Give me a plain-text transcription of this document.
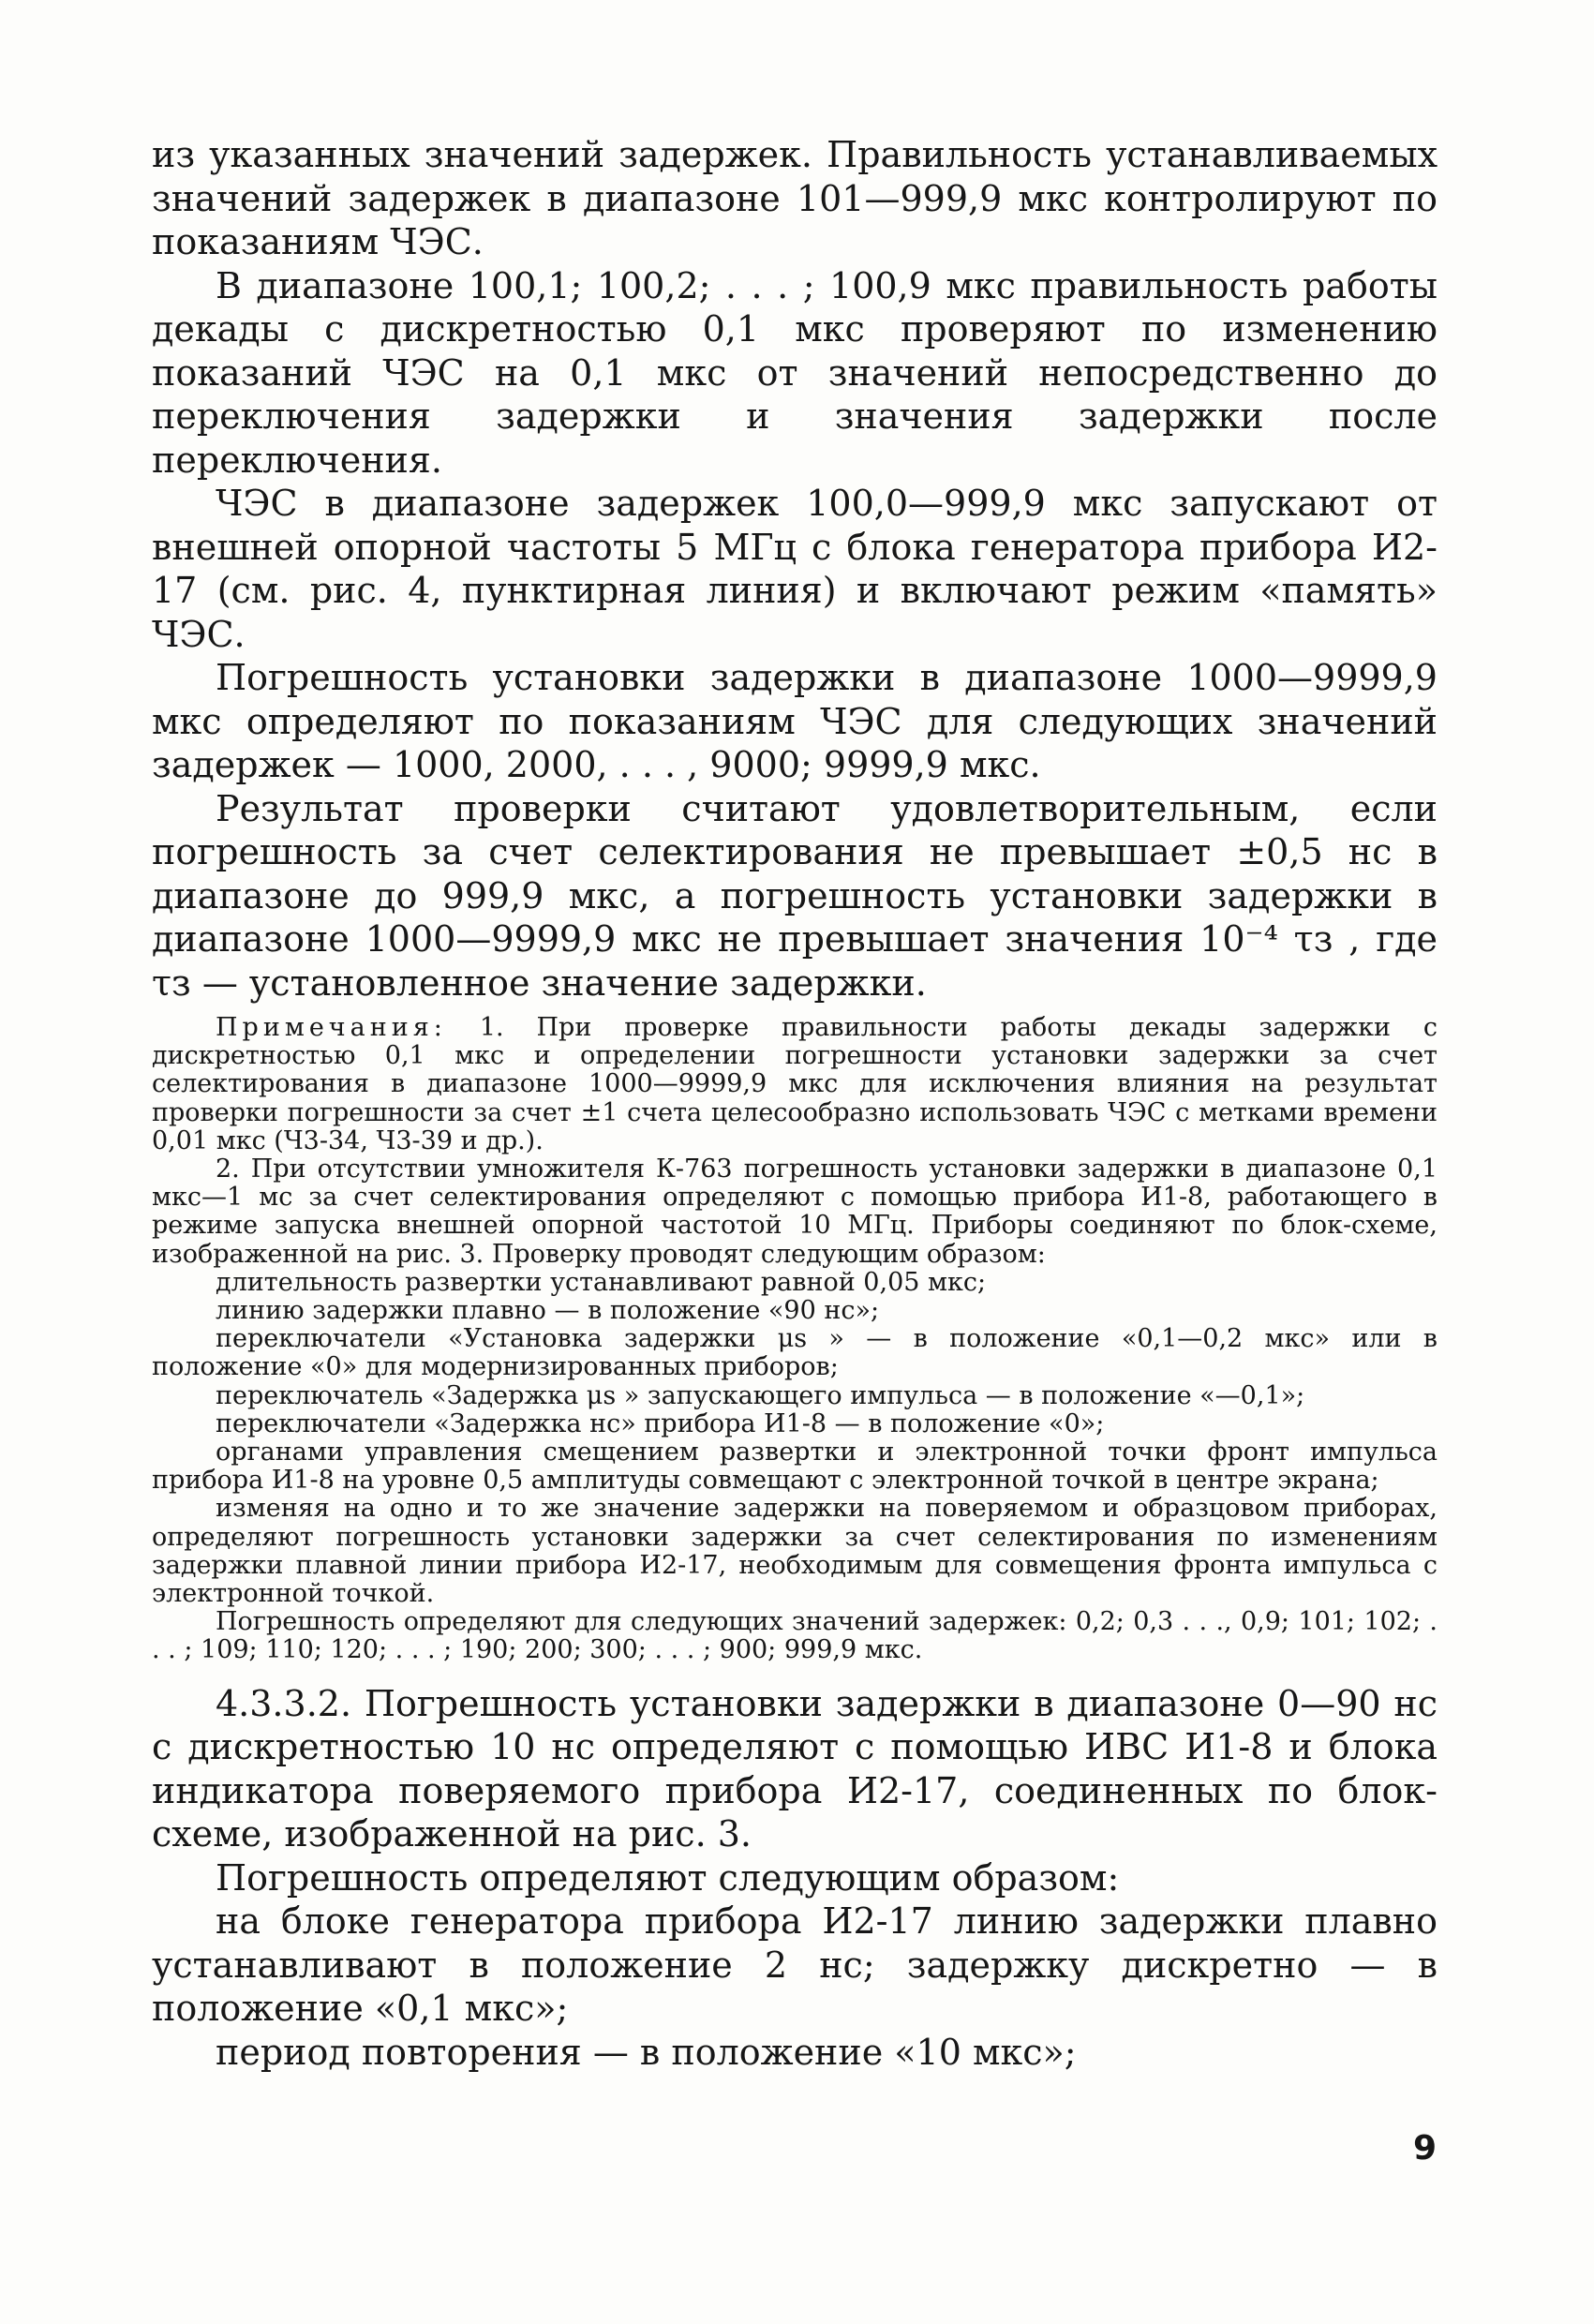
из указанных значений задержек. Правильность устанавливаемых значений задержек в диапазоне 101—999,9 мкс контролируют по показаниям ЧЭС.

В диапазоне 100,1; 100,2; . . . ; 100,9 мкс правильность работы декады с дискретностью 0,1 мкс проверяют по изменению показаний ЧЭС на 0,1 мкс от значений непосредственно до переключения задержки и значения задержки после переключения.

ЧЭС в диапазоне задержек 100,0—999,9 мкс запускают от внешней опорной частоты 5 МГц с блока генератора прибора И2-17 (см. рис. 4, пунктирная линия) и включают режим «память» ЧЭС.

Погрешность установки задержки в диапазоне 1000—9999,9 мкс определяют по показаниям ЧЭС для следующих значений задержек — 1000, 2000, . . . , 9000; 9999,9 мкс.

Результат проверки считают удовлетворительным, если погрешность за счет селектирования не превышает ±0,5 нс в диапазоне до 999,9 мкс, а погрешность установки задержки в диапазоне 1000—9999,9 мкс не превышает значения 10⁻⁴ τз , где τз — установленное значение задержки.

Примечания: 1. При проверке правильности работы декады задержки с дискретностью 0,1 мкс и определении погрешности установки задержки за счет селектирования в диапазоне 1000—9999,9 мкс для исключения влияния на результат проверки погрешности за счет ±1 счета целесообразно использовать ЧЭС с метками времени 0,01 мкс (Ч3-34, Ч3-39 и др.).

2. При отсутствии умножителя К-763 погрешность установки задержки в диапазоне 0,1 мкс—1 мс за счет селектирования определяют с помощью прибора И1-8, работающего в режиме запуска внешней опорной частотой 10 МГц. Приборы соединяют по блок-схеме, изображенной на рис. 3. Проверку проводят следующим образом:

длительность развертки устанавливают равной 0,05 мкс;

линию задержки плавно — в положение «90 нс»;

переключатели «Установка задержки μs » — в положение «0,1—0,2 мкс» или в положение «0» для модернизированных приборов;

переключатель «Задержка μs » запускающего импульса — в положение «—0,1»;

переключатели «Задержка нс» прибора И1-8 — в положение «0»;

органами управления смещением развертки и электронной точки фронт импульса прибора И1-8 на уровне 0,5 амплитуды совмещают с электронной точкой в центре экрана;

изменяя на одно и то же значение задержки на поверяемом и образцовом приборах, определяют погрешность установки задержки за счет селектирования по изменениям задержки плавной линии прибора И2-17, необходимым для совмещения фронта импульса с электронной точкой.

Погрешность определяют для следующих значений задержек: 0,2; 0,3 . . ., 0,9; 101; 102; . . . ; 109; 110; 120; . . . ; 190; 200; 300; . . . ; 900; 999,9 мкс.

4.3.3.2. Погрешность установки задержки в диапазоне 0—90 нс с дискретностью 10 нс определяют с помощью ИВС И1-8 и блока индикатора поверяемого прибора И2-17, соединенных по блок-схеме, изображенной на рис. 3.

Погрешность определяют следующим образом:

на блоке генератора прибора И2-17 линию задержки плавно устанавливают в положение 2 нс; задержку дискретно — в положение «0,1 мкс»;

период повторения — в положение «10 мкс»;

9
